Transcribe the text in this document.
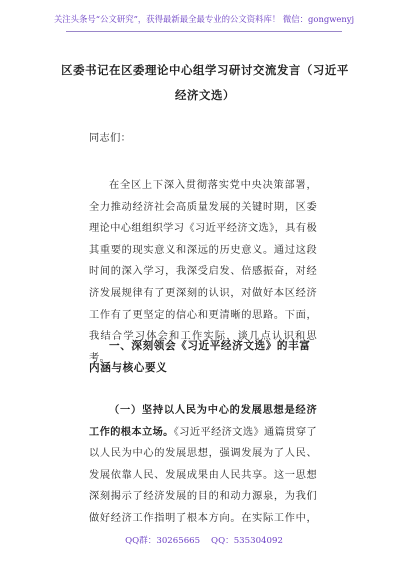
关注头条号“公文研究”，获得最新最全最专业的公文资料库！ 微信：gongwenyj
区委书记在区委理论中心组学习研讨交流发言（习近平经济文选）
同志们：
在全区上下深入贯彻落实党中央决策部署，全力推动经济社会高质量发展的关键时期，区委理论中心组组织学习《习近平经济文选》，具有极其重要的现实意义和深远的历史意义。通过这段时间的深入学习，我深受启发、倍感振奋，对经济发展规律有了更深刻的认识，对做好本区经济工作有了更坚定的信心和更清晰的思路。下面，我结合学习体会和工作实际，谈几点认识和思考。
一、深刻领会《习近平经济文选》的丰富内涵与核心要义
（一）坚持以人民为中心的发展思想是经济工作的根本立场。《习近平经济文选》通篇贯穿了以人民为中心的发展思想，强调发展为了人民、发展依靠人民、发展成果由人民共享。这一思想深刻揭示了经济发展的目的和动力源泉，为我们做好经济工作指明了根本方向。在实际工作中，
QQ群：30265665    QQ：535304092
